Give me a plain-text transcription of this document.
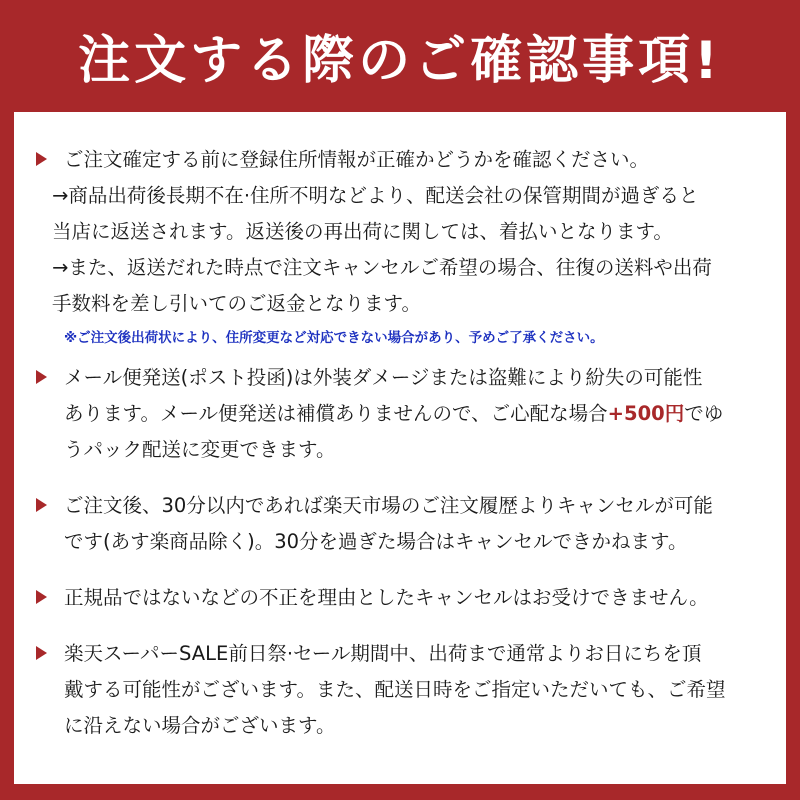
注文する際のご確認事項!
ご注文確定する前に登録住所情報が正確かどうかを確認ください。
→商品出荷後長期不在·住所不明などより、配送会社の保管期間が過ぎると
当店に返送されます。返送後の再出荷に関しては、着払いとなります。
→また、返送だれた時点で注文キャンセルご希望の場合、往復の送料や出荷
手数料を差し引いてのご返金となります。
※ご注文後出荷状により、住所変更など対応できない場合があり、予めご了承ください。
メール便発送(ポスト投函)は外装ダメージまたは盗難により紛失の可能性
あります。メール便発送は補償ありませんので、ご心配な場合+500円でゆ
うパック配送に変更できます。
ご注文後、30分以内であれば楽天市場のご注文履歴よりキャンセルが可能
です(あす楽商品除く)。30分を過ぎた場合はキャンセルできかねます。
正規品ではないなどの不正を理由としたキャンセルはお受けできません。
楽天スーパーSALE前日祭·セール期間中、出荷まで通常よりお日にちを頂
戴する可能性がございます。また、配送日時をご指定いただいても、ご希望
に沿えない場合がございます。
